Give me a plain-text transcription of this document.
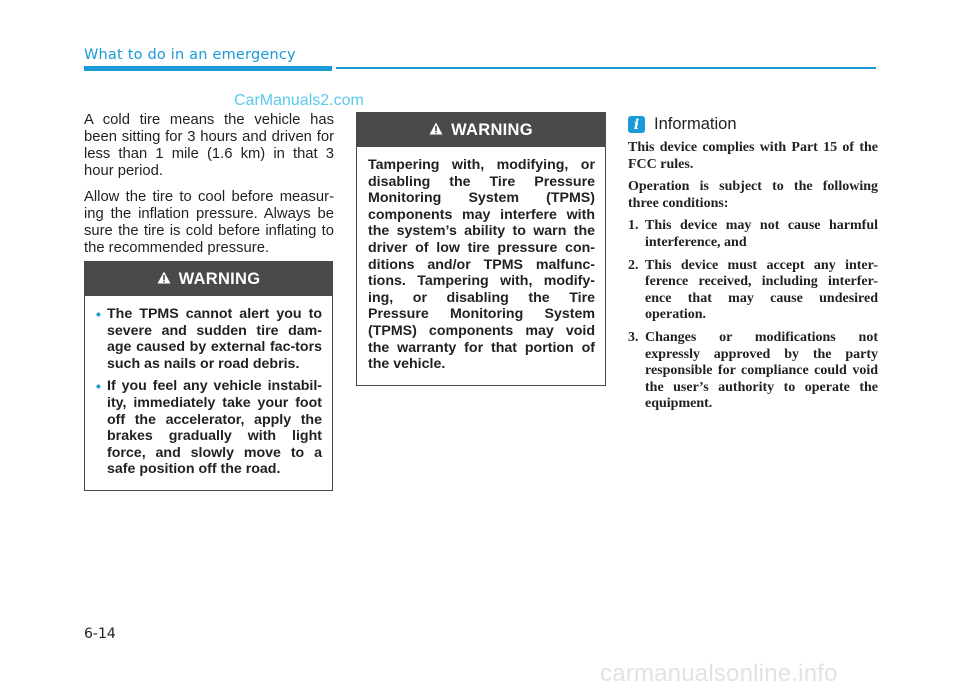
What to do in an emergency
CarManuals2.com

A cold tire means the vehicle has been sitting for 3 hours and driven for less than 1 mile (1.6 km) in that 3 hour period.

Allow the tire to cool before measur-ing the inflation pressure. Always be sure the tire is cold before inflating to the recommended pressure.

WARNING
• The TPMS cannot alert you to severe and sudden tire dam-age caused by external fac-tors such as nails or road debris.
• If you feel any vehicle instabil-ity, immediately take your foot off the accelerator, apply the brakes gradually with light force, and slowly move to a safe position off the road.
WARNING

Tampering with, modifying, or disabling the Tire Pressure Monitoring System (TPMS) components may interfere with the system’s ability to warn the driver of low tire pressure con-ditions and/or TPMS malfunc-tions. Tampering with, modify-ing, or disabling the Tire Pressure Monitoring System (TPMS) components may void the warranty for that portion of the vehicle.

i Information

This device complies with Part 15 of the FCC rules.

Operation is subject to the following three conditions:

1. This device may not cause harmful interference, and
2. This device must accept any inter-ference received, including interfer-ence that may cause undesired operation.
3. Changes or modifications not expressly approved by the party responsible for compliance could void the user’s authority to operate the equipment.
6-14
carmanualsonline.info
